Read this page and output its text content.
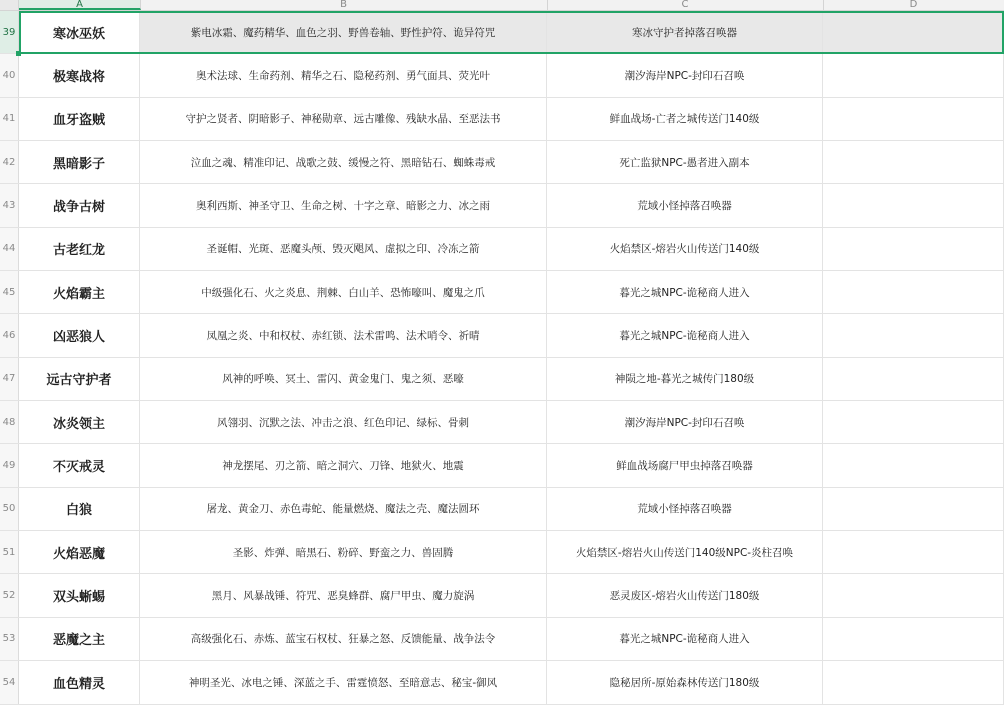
A	B	C	D
39	寒冰巫妖	紫电冰霜、魔药精华、血色之羽、野兽卷轴、野性护符、诡异符咒	寒冰守护者掉落召唤器
40	极寒战将	奥术法球、生命药剂、精华之石、隐秘药剂、勇气面具、荧光叶	潮汐海岸NPC-封印石召唤
41	血牙盗贼	守护之贤者、阴暗影子、神秘勋章、远古雕像、残缺水晶、至恶法书	鲜血战场-亡者之城传送门140级
42	黑暗影子	泣血之魂、精准印记、战歌之鼓、缓慢之符、黑暗钻石、蜘蛛毒戒	死亡监狱NPC-愚者进入副本
43	战争古树	奥利西斯、神圣守卫、生命之树、十字之章、暗影之力、冰之雨	荒域小怪掉落召唤器
44	古老红龙	圣诞帽、光斑、恶魔头颅、毁灭飓风、虚拟之印、冷冻之箭	火焰禁区-熔岩火山传送门140级
45	火焰霸主	中级强化石、火之炎息、荆棘、白山羊、恐怖嚎叫、魔鬼之爪	暮光之城NPC-诡秘商人进入
46	凶恶狼人	凤凰之炎、中和权杖、赤红锁、法术雷鸣、法术哨令、祈晴	暮光之城NPC-诡秘商人进入
47	远古守护者	风神的呼唤、冥土、雷闪、黄金鬼门、鬼之须、恶嚎	神陨之地-暮光之城传门180级
48	冰炎领主	风翎羽、沉默之法、冲击之浪、红色印记、绿标、骨刺	潮汐海岸NPC-封印石召唤
49	不灭戒灵	神龙摆尾、刃之箭、暗之洞穴、刀锋、地狱火、地震	鲜血战场腐尸甲虫掉落召唤器
50	白狼	屠龙、黄金刀、赤色毒蛇、能量燃烧、魔法之壳、魔法圆环	荒域小怪掉落召唤器
51	火焰恶魔	圣影、炸弹、暗黑石、粉碎、野蛮之力、兽固腾	火焰禁区-熔岩火山传送门140级NPC-炎柱召唤
52	双头蜥蜴	黑月、风暴战锤、符咒、恶臭蜂群、腐尸甲虫、魔力旋涡	恶灵废区-熔岩火山传送门180级
53	恶魔之主	高级强化石、赤炼、蓝宝石权杖、狂暴之怒、反馈能量、战争法令	暮光之城NPC-诡秘商人进入
54	血色精灵	神明圣光、冰电之锤、深蓝之手、雷霆愤怒、至暗意志、秘宝-御风	隐秘居所-原始森林传送门180级
